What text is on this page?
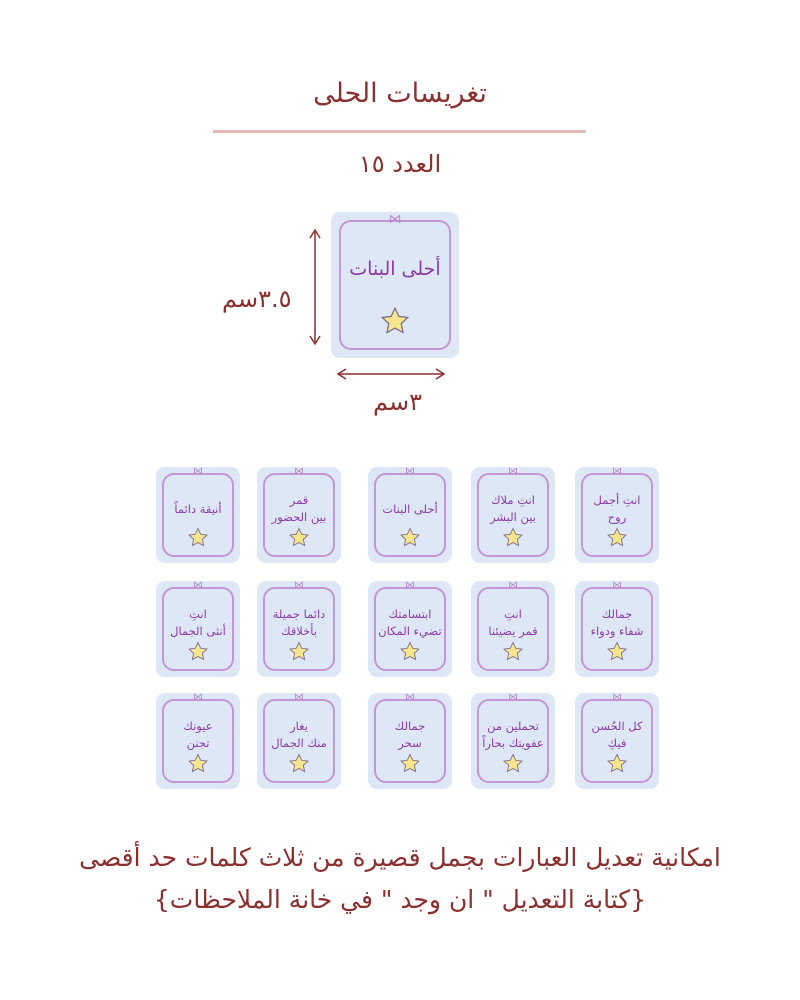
تغريسات الحلى
العدد ١٥
⋈
أحلى البنات
٣.٥سم
٣سم
⋈
انتِ أجمل
روح
⋈
انتِ ملاك
بين البشر
⋈
أحلى البنات
⋈
قمر
بين الحضور
⋈
أنيقة دائماً
⋈
جمالك
شفاء ودواء
⋈
انتِ
قمر يضيئنا
⋈
ابتسامتك
تضيء المكان
⋈
دائما جميلة
بأخلاقك
⋈
انتِ
أنثى الجمال
⋈
كل الحُسن
فيكِ
⋈
تحملين من
عفويتك بحاراً
⋈
جمالك
سحر
⋈
يغار
منك الجمال
⋈
عيونك
تجنن
امكانية تعديل العبارات بجمل قصيرة من ثلاث كلمات حد أقصى
{كتابة التعديل " ان وجد " في خانة الملاحظات}
